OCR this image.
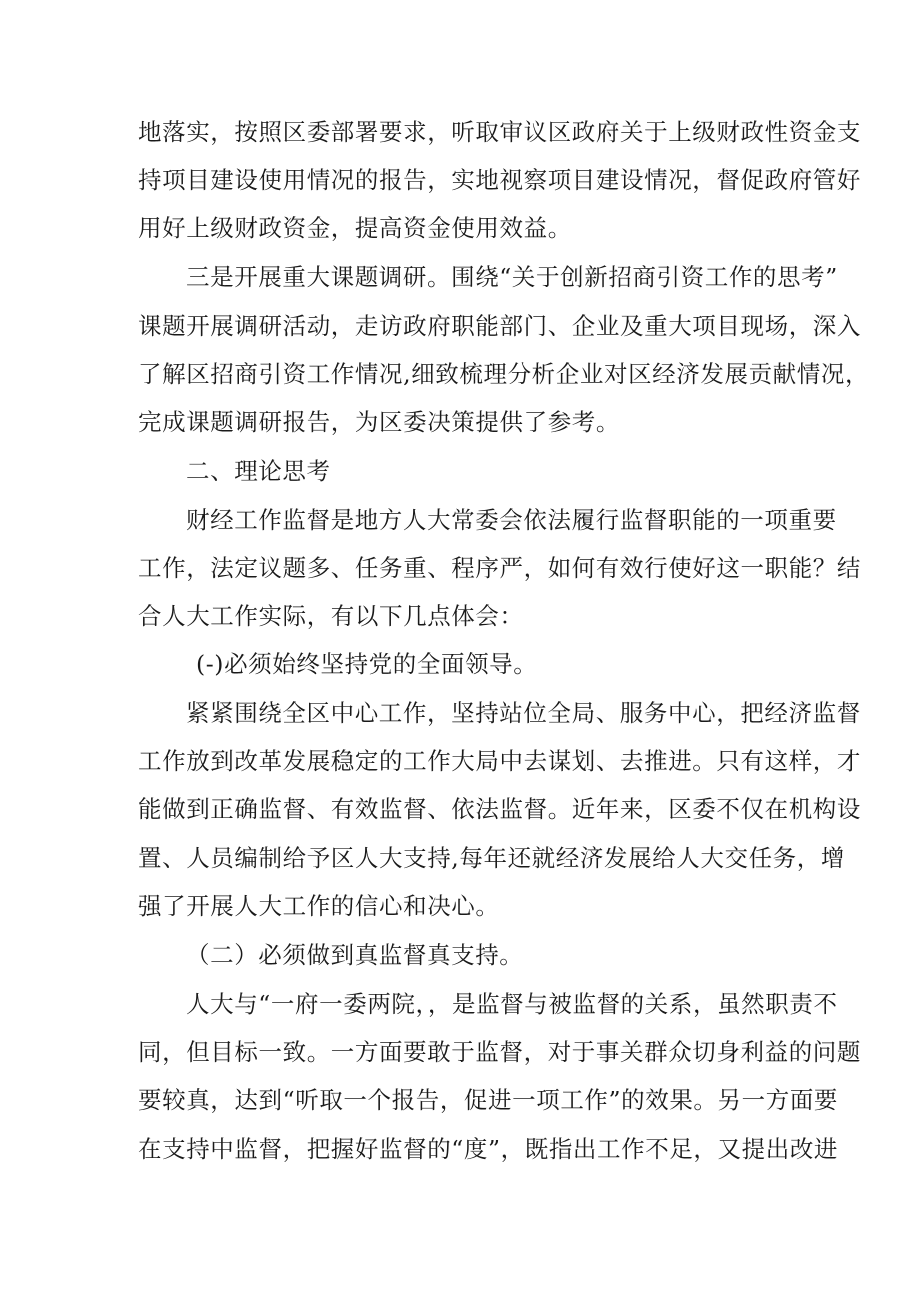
地落实，按照区委部署要求，听取审议区政府关于上级财政性资金支
持项目建设使用情况的报告，实地视察项目建设情况，督促政府管好
用好上级财政资金，提高资金使用效益。
三是开展重大课题调研。围绕“关于创新招商引资工作的思考”
课题开展调研活动，走访政府职能部门、企业及重大项目现场，深入
了解区招商引资工作情况,细致梳理分析企业对区经济发展贡献情况，
完成课题调研报告，为区委决策提供了参考。
二、理论思考
财经工作监督是地方人大常委会依法履行监督职能的一项重要
工作，法定议题多、任务重、程序严，如何有效行使好这一职能？结
合人大工作实际，有以下几点体会：
(-)必须始终坚持党的全面领导。
紧紧围绕全区中心工作，坚持站位全局、服务中心，把经济监督
工作放到改革发展稳定的工作大局中去谋划、去推进。只有这样，才
能做到正确监督、有效监督、依法监督。近年来，区委不仅在机构设
置、人员编制给予区人大支持,每年还就经济发展给人大交任务，增
强了开展人大工作的信心和决心。
（二）必须做到真监督真支持。
人大与“一府一委两院，，是监督与被监督的关系，虽然职责不
同，但目标一致。一方面要敢于监督，对于事关群众切身利益的问题
要较真，达到“听取一个报告，促进一项工作”的效果。另一方面要
在支持中监督，把握好监督的“度”，既指出工作不足，又提出改进
